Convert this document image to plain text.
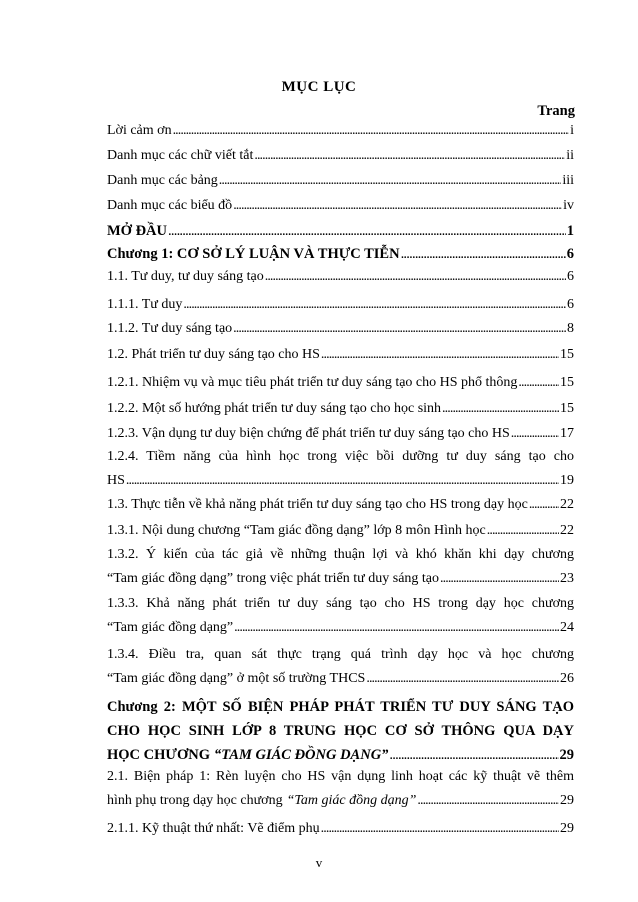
MỤC LỤC
Trang
Lời cảm ơn . . .	i
Danh mục các chữ viết tắt . . .	ii
Danh mục các bảng . . .	iii
Danh mục các biểu đồ . . .	iv
MỞ ĐẦU . . .	1
Chương 1: CƠ SỞ LÝ LUẬN VÀ THỰC TIỄN . . .	6
1.1. Tư duy, tư duy sáng tạo . . .	6
1.1.1. Tư duy . . .	6
1.1.2. Tư duy sáng tạo . . .	8
1.2. Phát triển tư duy sáng tạo cho HS . . .	15
1.2.1. Nhiệm vụ và mục tiêu phát triển tư duy sáng tạo cho HS phổ thông . . .	15
1.2.2. Một số hướng phát triển tư duy sáng tạo cho học sinh . . .	15
1.2.3. Vận dụng tư duy biện chứng để phát triển tư duy sáng tạo cho HS . . .	17
1.2.4. Tiềm năng của hình học trong việc bồi dưỡng tư duy sáng tạo cho
HS . . .	19
1.3. Thực tiễn về khả năng phát triển tư duy sáng tạo cho HS trong dạy học . . . 22
1.3.1. Nội dung chương “Tam giác đồng dạng” lớp 8 môn Hình học . . .	22
1.3.2. Ý kiến của tác giả về những thuận lợi và khó khăn khi dạy chương
“Tam giác đồng dạng” trong việc phát triển tư duy sáng tạo . . .	23
1.3.3. Khả năng phát triển tư duy sáng tạo cho HS trong dạy học chương
“Tam giác đồng dạng” . . .	24
1.3.4. Điều tra, quan sát thực trạng quá trình dạy học và học chương
“Tam giác đồng dạng” ở một số trường THCS . . .	26
Chương 2: MỘT SỐ BIỆN PHÁP PHÁT TRIỂN TƯ DUY SÁNG TẠO
CHO HỌC SINH LỚP 8 TRUNG HỌC CƠ SỞ THÔNG QUA DẠY
HỌC CHƯƠNG “TAM GIÁC ĐỒNG DẠNG” . . .	29
2.1. Biện pháp 1: Rèn luyện cho HS vận dụng linh hoạt các kỹ thuật vẽ thêm
hình phụ trong dạy học chương “Tam giác đồng dạng” . . .	29
2.1.1. Kỹ thuật thứ nhất: Vẽ điểm phụ . . .	29
v
